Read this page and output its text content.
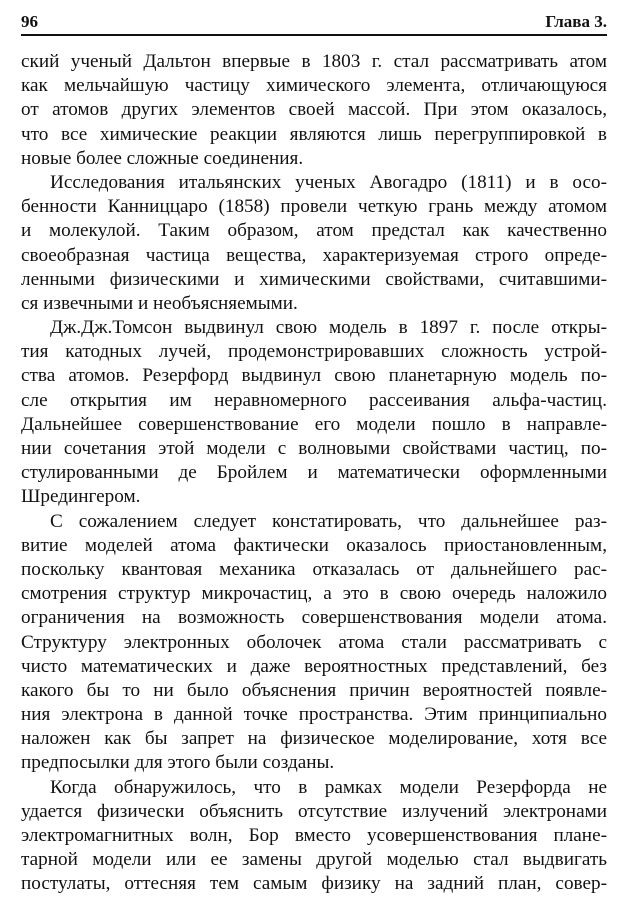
96	Глава 3.
ский ученый Дальтон впервые в 1803 г. стал рассматривать атом
как мельчайшую частицу химического элемента, отличающуюся
от атомов других элементов своей массой. При этом оказалось,
что все химические реакции являются лишь перегруппировкой в
новые более сложные соединения.
Исследования итальянских ученых Авогадро (1811) и в осо-
бенности Канниццаро (1858) провели четкую грань между атомом
и молекулой. Таким образом, атом предстал как качественно
своеобразная частица вещества, характеризуемая строго опреде-
ленными физическими и химическими свойствами, считавшими-
ся извечными и необъясняемыми.
Дж.Дж.Томсон выдвинул свою модель в 1897 г. после откры-
тия катодных лучей, продемонстрировавших сложность устрой-
ства атомов. Резерфорд выдвинул свою планетарную модель по-
сле открытия им неравномерного рассеивания альфа-частиц.
Дальнейшее совершенствование его модели пошло в направле-
нии сочетания этой модели с волновыми свойствами частиц, по-
стулированными де Бройлем и математически оформленными
Шредингером.
С сожалением следует констатировать, что дальнейшее раз-
витие моделей атома фактически оказалось приостановленным,
поскольку квантовая механика отказалась от дальнейшего рас-
смотрения структур микрочастиц, а это в свою очередь наложило
ограничения на возможность совершенствования модели атома.
Структуру электронных оболочек атома стали рассматривать с
чисто математических и даже вероятностных представлений, без
какого бы то ни было объяснения причин вероятностей появле-
ния электрона в данной точке пространства. Этим принципиально
наложен как бы запрет на физическое моделирование, хотя все
предпосылки для этого были созданы.
Когда обнаружилось, что в рамках модели Резерфорда не
удается физически объяснить отсутствие излучений электронами
электромагнитных волн, Бор вместо усовершенствования плане-
тарной модели или ее замены другой моделью стал выдвигать
постулаты, оттесняя тем самым физику на задний план, совер-
